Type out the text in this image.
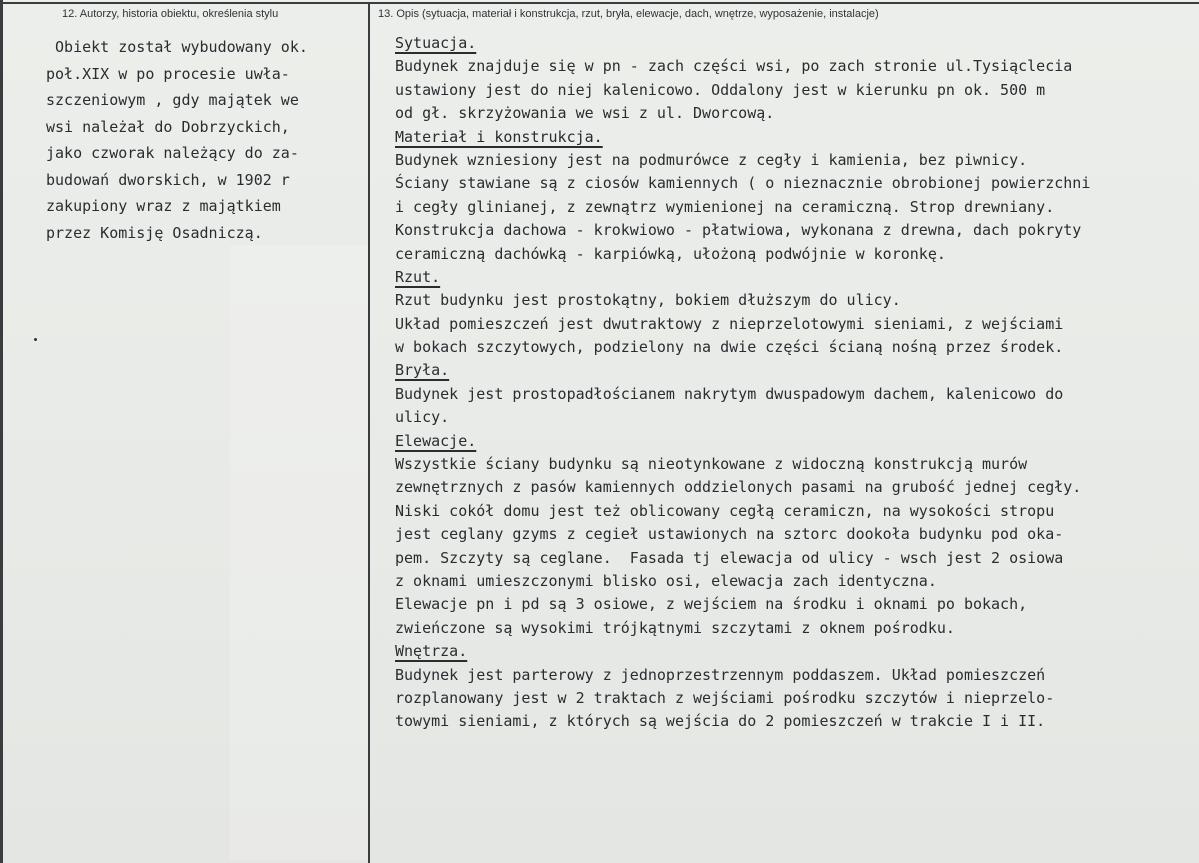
12. Autorzy, historia obiektu, określenia stylu	13. Opis (sytuacja, materiał i konstrukcja, rzut, bryła, elewacje, dach, wnętrze, wyposażenie, instalacje)
Obiekt został wybudowany ok.
poł.XIX w po procesie uwła-
szczeniowym , gdy majątek we
wsi należał do Dobrzyckich,
jako czworak należący do za-
budowań dworskich, w 1902 r
zakupiony wraz z majątkiem
przez Komisję Osadniczą.
Sytuacja.
Budynek znajduje się w pn - zach części wsi, po zach stronie ul.Tysiąclecia
ustawiony jest do niej kalenicowo. Oddalony jest w kierunku pn ok. 500 m
od gł. skrzyżowania we wsi z ul. Dworcową.
Materiał i konstrukcja.
Budynek wzniesiony jest na podmurówce z cegły i kamienia, bez piwnicy.
Ściany stawiane są z ciosów kamiennych ( o nieznacznie obrobionej powierzchni
i cegły glinianej, z zewnątrz wymienionej na ceramiczną. Strop drewniany.
Konstrukcja dachowa - krokwiowo - płatwiowa, wykonana z drewna, dach pokryty
ceramiczną dachówką - karpiówką, ułożoną podwójnie w koronkę.
Rzut.
Rzut budynku jest prostokątny, bokiem dłuższym do ulicy.
Układ pomieszczeń jest dwutraktowy z nieprzelotowymi sieniami, z wejściami
w bokach szczytowych, podzielony na dwie części ścianą nośną przez środek.
Bryła.
Budynek jest prostopadłościanem nakrytym dwuspadowym dachem, kalenicowo do
ulicy.
Elewacje.
Wszystkie ściany budynku są nieotynkowane z widoczną konstrukcją murów
zewnętrznych z pasów kamiennych oddzielonych pasami na grubość jednej cegły.
Niski cokół domu jest też oblicowany cegłą ceramiczn, na wysokości stropu
jest ceglany gzyms z cegieł ustawionych na sztorc dookoła budynku pod oka-
pem. Szczyty są ceglane.  Fasada tj elewacja od ulicy - wsch jest 2 osiowa
z oknami umieszczonymi blisko osi, elewacja zach identyczna.
Elewacje pn i pd są 3 osiowe, z wejściem na środku i oknami po bokach,
zwieńczone są wysokimi trójkątnymi szczytami z oknem pośrodku.
Wnętrza.
Budynek jest parterowy z jednoprzestrzennym poddaszem. Układ pomieszczeń
rozplanowany jest w 2 traktach z wejściami pośrodku szczytów i nieprzelo-
towymi sieniami, z których są wejścia do 2 pomieszczeń w trakcie I i II.
